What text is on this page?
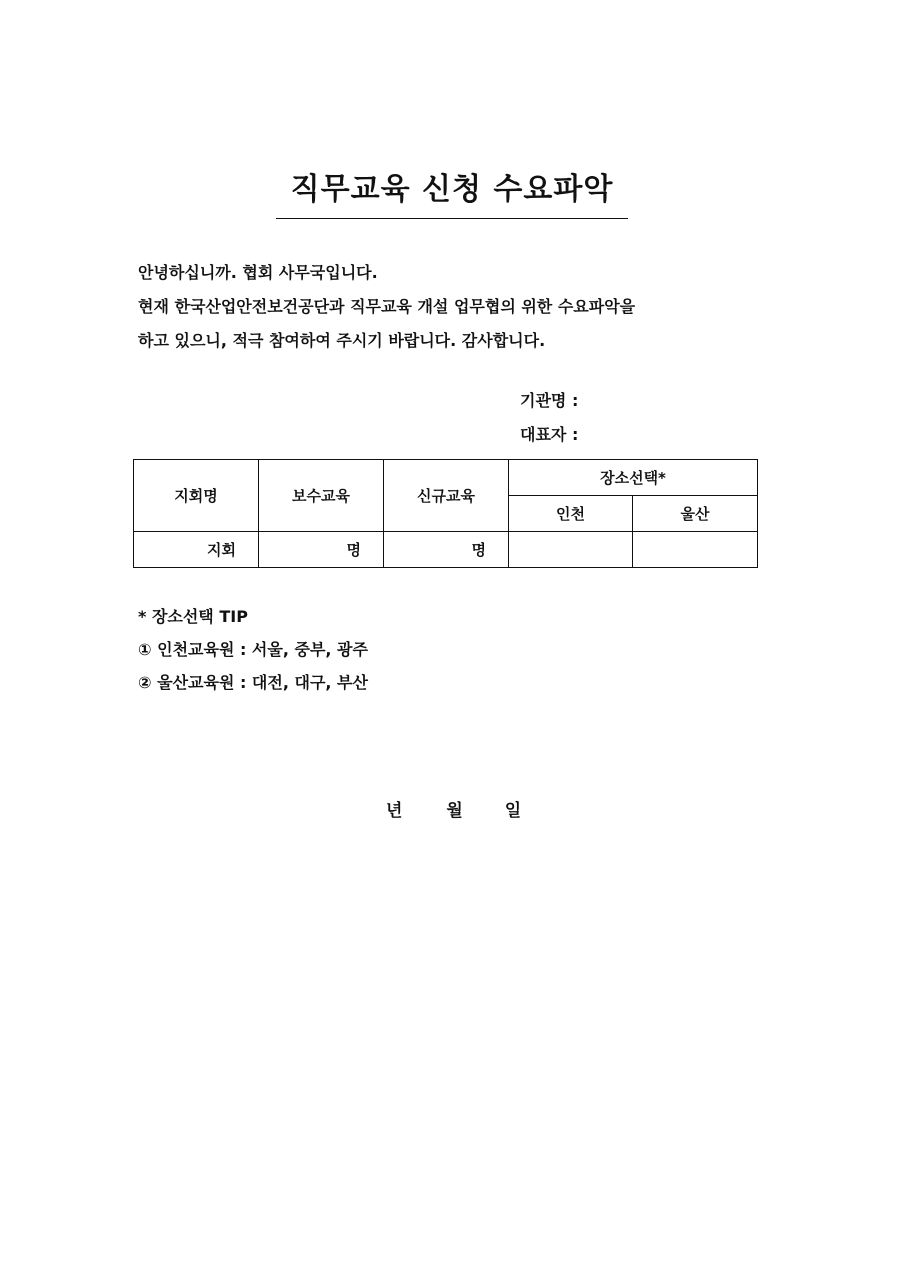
직무교육 신청 수요파악
안녕하십니까. 협회 사무국입니다.
현재 한국산업안전보건공단과 직무교육 개설 업무협의 위한 수요파악을
하고 있으니, 적극 참여하여 주시기 바랍니다. 감사합니다.
기관명 :
대표자 :
지회명	보수교육	신규교육	장소선택*	
			인천	울산
지회	명	명		
* 장소선택 TIP
① 인천교육원 : 서울, 중부, 광주
② 울산교육원 : 대전, 대구, 부산
년	월 일
